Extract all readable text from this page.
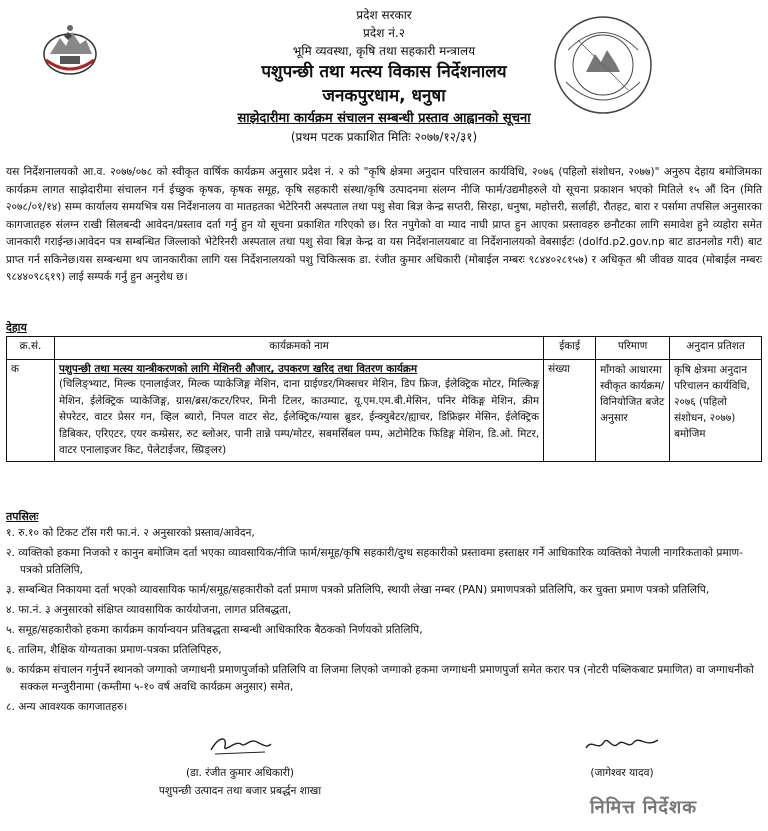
प्रदेश सरकार
प्रदेश नं.२
भूमि व्यवस्था, कृषि तथा सहकारी मन्त्रालय
पशुपन्छी तथा मत्स्य विकास निर्देशनालय
जनकपुरधाम, धनुषा
साझेदारीमा कार्यक्रम संचालन सम्बन्धी प्रस्ताव आह्वानको सूचना
(प्रथम पटक प्रकाशित मितिः २०७७/१२/३१)
यस निर्देशनालयको आ.व. २०७७/०७८ को स्वीकृत वार्षिक कार्यक्रम अनुसार प्रदेश नं. २ को "कृषि क्षेत्रमा अनुदान परिचालन कार्यविधि, २०७६ (पहिलो संशोधन, २०७७)" अनुरुप देहाय बमोजिमका कार्यक्रम लागत साझेदारीमा संचालन गर्न ईच्छुक कृषक, कृषक समूह, कृषि सहकारी संस्था/कृषि उत्पादनमा संलग्न नीजि फार्म/उद्यमीहरुले यो सूचना प्रकाशन भएको मितिले १५ औं दिन (मिति २०७८/०१/१४) सम्म कार्यालय समयभित्र यस निर्देशनालय वा मातहतका भेटेरिनरी अस्पताल तथा पशु सेवा बिज्ञ केन्द्र सप्तरी, सिरहा, धनुषा, महोत्तरी, सर्लाही, रौतहट, बारा र पर्सामा तपसिल अनुसारका कागजातहरु संलग्न राखी सिलबन्दी आवेदन/प्रस्ताव दर्ता गर्नु हुन यो सूचना प्रकाशित गरिएको छ। रित नपुगेको वा म्याद नाघी प्राप्त हुन आएका प्रस्तावहरु छनौटका लागि समावेश हुने व्यहोरा समेत जानकारी गराईन्छ।आवेदन पत्र सम्बन्धित जिल्लाको भेटेरिनरी अस्पताल तथा पशु सेवा बिज्ञ केन्द्र वा यस निर्देशनालयबाट वा निर्देशनालयको वेबसाईटः (dolfd.p2.gov.np बाट डाउनलोड गरी) बाट प्राप्त गर्न सकिनेछ।यस सम्बन्धमा थप जानकारीका लागि यस निर्देशनालयको पशु चिकित्सक डा. रंजीत कुमार अधिकारी (मोबाईल नम्बरः ९८४४०२८१५७) र अधिकृत श्री जीवछ यादव (मोबाईल नम्बरः ९८४४०९८६१९) लाई सम्पर्क गर्नु हुन अनुरोध छ।
देहाय
क्र.सं.	कार्यक्रमको नाम	ईकाई	परिमाण	अनुदान प्रतिशत
क	पशुपन्छी तथा मत्स्य यान्त्रीकरणको लागि मेशिनरी औजार, उपकरण खरिद तथा वितरण कार्यक्रम
(चिलिङ्भ्याट, मिल्क एनालाईजर, मिल्क प्याकेजिङ्ग मेशिन, दाना ग्राईण्डर/मिक्सचर मेशिन, डिप फ्रिज, ईलेक्ट्रिक मोटर, मिल्किङ्ग मेशिन, ईलेक्ट्रिक प्याकेजिङ्ग, ग्रास/ब्रस/कटर/रिपर, मिनी टिलर, काउम्याट, यू.एम.एम.बी.मेसिन, पनिर मेकिङ्ग मेशिन, क्रीम सेपरेटर, वाटर प्रेसर गन, व्हिल ब्यारो, निपल वाटर सेट, ईलेक्ट्रिक/ग्यास ब्रुडर, ईन्क्युबेटर/ह्याचर, डिफ्रिझर मेसिन, ईलेक्ट्रिक डिबिकर, एरिएटर, एयर कम्प्रेसर, रुट ब्लोअर, पानी तान्ने पम्प/मोटर, सबमर्सिबल पम्प, अटोमेटिक फिडिङ्ग मेशिन, डि.ओ. मिटर, वाटर एनालाइजर किट, पेलेटाईजर, स्प्रिङ्लर)	संख्या	माँगको आधारमा स्वीकृत कार्यक्रम/विनियोजित बजेट अनुसार	कृषि क्षेत्रमा अनुदान परिचालन कार्यविधि, २०७६ (पहिलो संशोधन, २०७७) बमोजिम
तपसिलः
१. रु.१० को टिकट टाँस गरी फा.नं. २ अनुसारको प्रस्ताव/आवेदन,
२. व्यक्तिको हकमा निजको र कानुन बमोजिम दर्ता भएका व्यावसायिक/नीजि फार्म/समूह/कृषि सहकारी/दुग्ध सहकारीको प्रस्तावमा हस्ताक्षर गर्ने आधिकारिक व्यक्तिको नेपाली नागरिकताको प्रमाण-पत्रको प्रतिलिपि,
३. सम्बन्धित निकायमा दर्ता भएको व्यावसायिक फार्म/समूह/सहकारीको दर्ता प्रमाण पत्रको प्रतिलिपि, स्थायी लेखा नम्बर (PAN) प्रमाणपत्रको प्रतिलिपि, कर चुक्ता प्रमाण पत्रको प्रतिलिपि,
४. फा.नं. ३ अनुसारको संक्षिप्त व्यावसायिक कार्ययोजना, लागत प्रतिबद्धता,
५. समूह/सहकारीको हकमा कार्यक्रम कार्यान्वयन प्रतिबद्धता सम्बन्धी आधिकारिक बैठकको निर्णयको प्रतिलिपि,
६. तालिम, शैक्षिक योग्यताका प्रमाण-पत्रका प्रतिलिपिहरु,
७. कार्यक्रम संचालन गर्नुपर्ने स्थानको जग्गाको जग्गाधनी प्रमाणपुर्जाको प्रतिलिपि वा लिजमा लिएको जग्गाको हकमा जग्गाधनी प्रमाणपुर्जा समेत करार पत्र (नोटरी पब्लिकबाट प्रमाणित) वा जग्गाधनीको सक्कल मन्जुरीनामा (कम्तीमा ५-१० वर्ष अवधि कार्यक्रम अनुसार) समेत,
८. अन्य आवश्यक कागजातहरु।
(डा. रंजीत कुमार अधिकारी)
पशुपन्छी उत्पादन तथा बजार प्रबर्द्धन शाखा
(जागेश्वर यादव)
निमित्त निर्देशक
